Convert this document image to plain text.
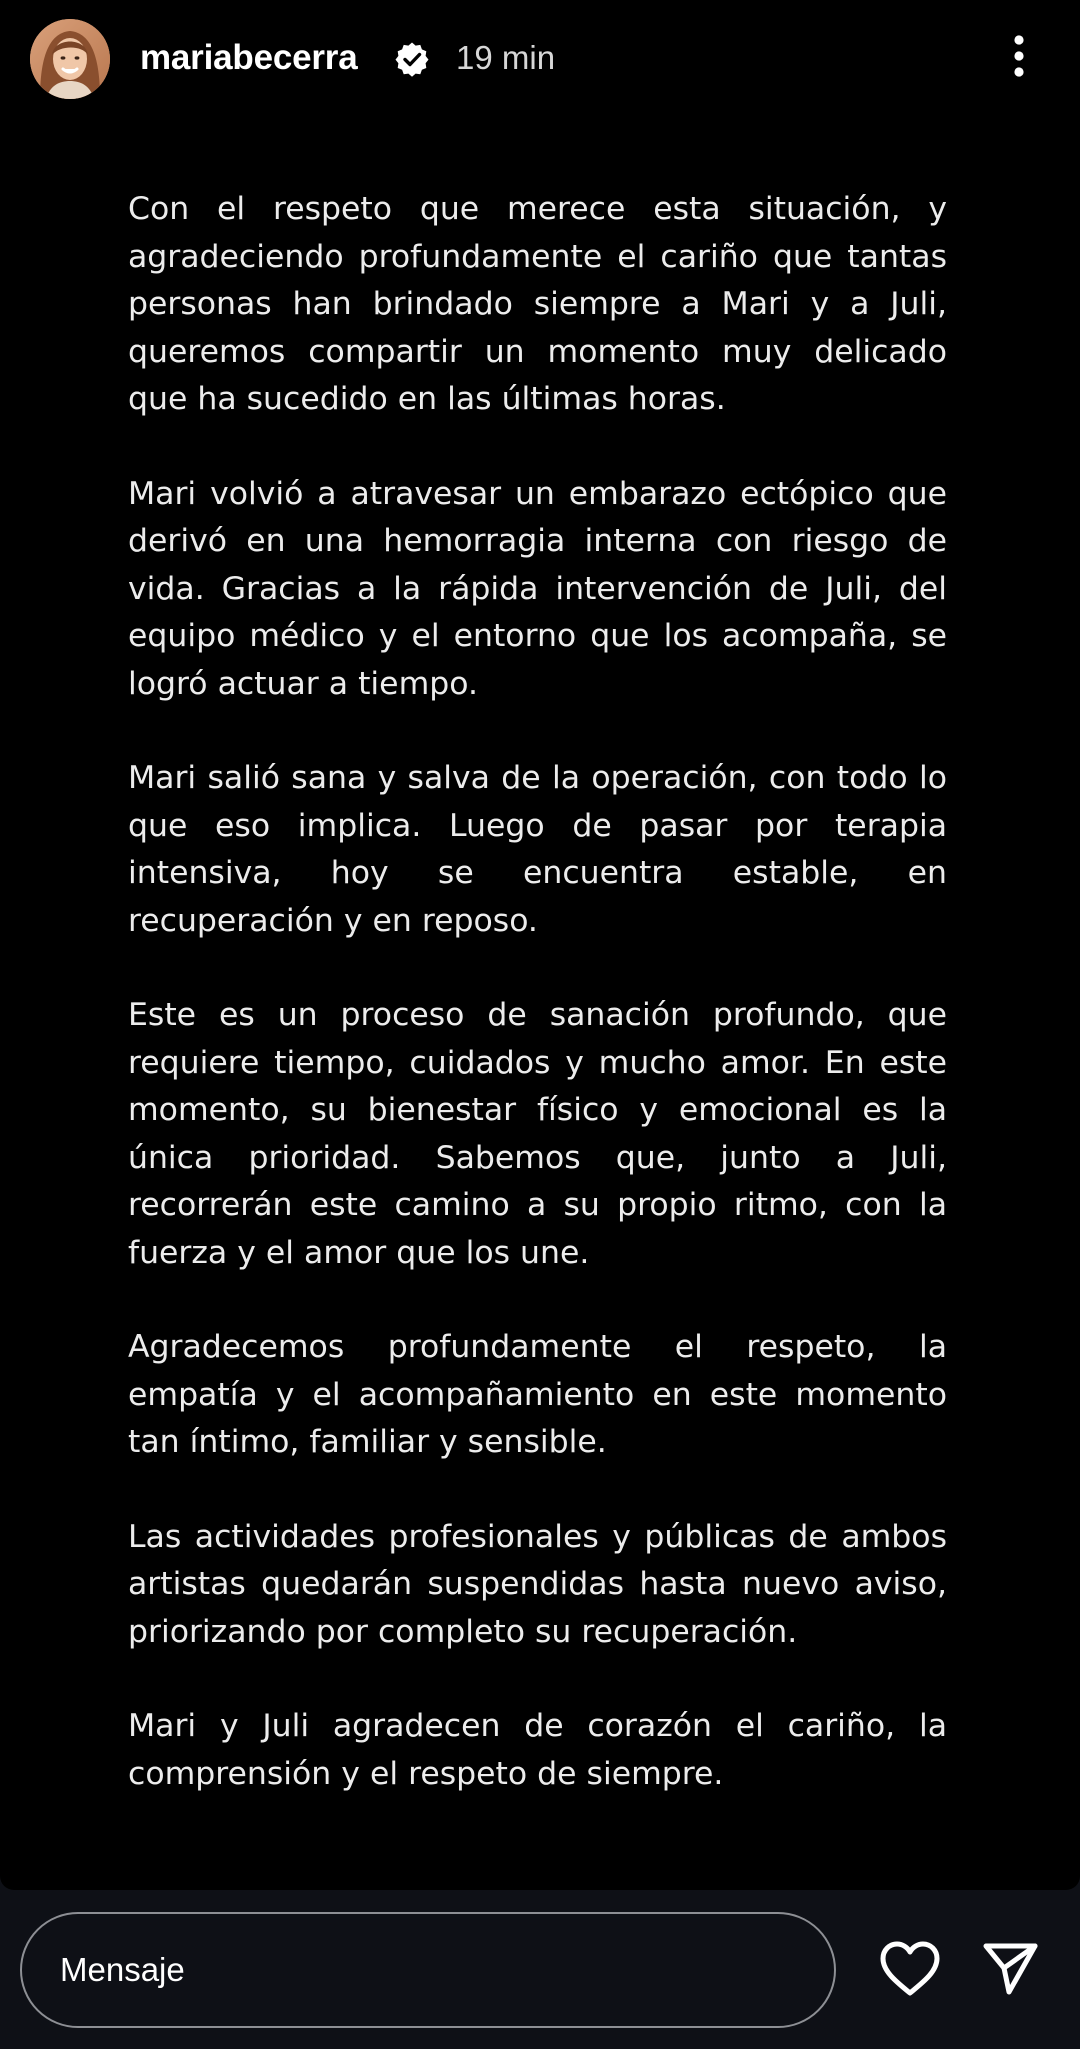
mariabecerra	19 min

Con el respeto que merece esta situación, y agradeciendo profundamente el cariño que tantas personas han brindado siempre a Mari y a Juli, queremos compartir un momento muy delicado que ha sucedido en las últimas horas.

Mari volvió a atravesar un embarazo ectópico que derivó en una hemorragia interna con riesgo de vida. Gracias a la rápida intervención de Juli, del equipo médico y el entorno que los acompaña, se logró actuar a tiempo.

Mari salió sana y salva de la operación, con todo lo que eso implica. Luego de pasar por terapia intensiva, hoy se encuentra estable, en recuperación y en reposo.

Este es un proceso de sanación profundo, que requiere tiempo, cuidados y mucho amor. En este momento, su bienestar físico y emocional es la única prioridad. Sabemos que, junto a Juli, recorrerán este camino a su propio ritmo, con la fuerza y el amor que los une.

Agradecemos profundamente el respeto, la empatía y el acompañamiento en este momento tan íntimo, familiar y sensible.

Las actividades profesionales y públicas de ambos artistas quedarán suspendidas hasta nuevo aviso, priorizando por completo su recuperación.

Mari y Juli agradecen de corazón el cariño, la comprensión y el respeto de siempre.

Mensaje
